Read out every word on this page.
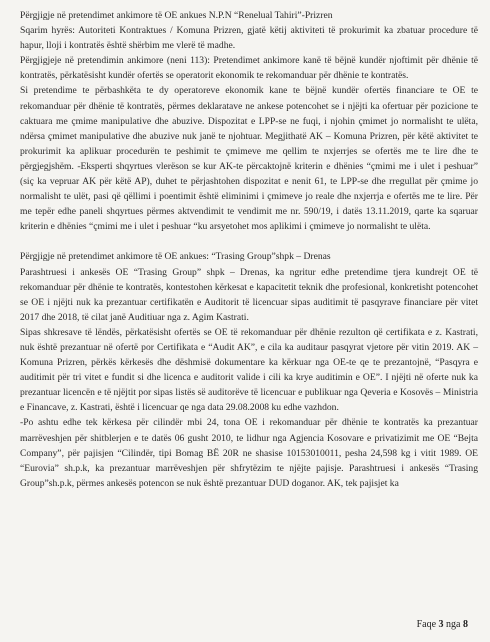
Përgjigje në pretendimet ankimore të OE ankues N.P.N “Renelual Tahiri”-Prizren

Sqarim hyrës: Autoriteti Kontraktues / Komuna Prizren, gjatë këtij aktiviteti të prokurimit ka zbatuar procedure të hapur, lloji i kontratës është shërbim me vlerë të madhe.

Përgjigjeje në pretendimin ankimore (neni 113): Pretendimet ankimore kanë të bëjnë kundër njoftimit për dhënie të kontratës, përkatësisht kundër ofertës se operatorit ekonomik te rekomanduar për dhënie te kontratës.

Si pretendime te përbashkëta te dy operatoreve ekonomik kane te bëjnë kundër ofertës financiare te OE te rekomanduar për dhënie të kontratës, përmes deklaratave ne ankese potencohet se i njëjti ka ofertuar për pozicione te caktuara me çmime manipulative dhe abuzive. Dispozitat e LPP-se ne fuqi, i njohin çmimet jo normalisht te ulëta, ndërsa çmimet manipulative dhe abuzive nuk janë te njohtuar. Megjithatë AK – Komuna Prizren, për këtë aktivitet te prokurimit ka aplikuar procedurën te peshimit te çmimeve me qellim te nxjerrjes se ofertës me te lire dhe te përgjegjshëm. -Eksperti shqyrtues vlerëson se kur AK-te përcaktojnë kriterin e dhënies “çmimi me i ulet i peshuar” (siç ka vepruar AK për këtë AP), duhet te përjashtohen dispozitat e nenit 61, te LPP-se dhe rregullat për çmime jo normalisht te ulët, pasi që qëllimi i poentimit është eliminimi i çmimeve jo reale dhe nxjerrja e ofertës me te lire. Për me tepër edhe paneli shqyrtues përmes aktvendimit te vendimit me nr. 590/19, i datës 13.11.2019, qarte ka sqaruar kriterin e dhënies “çmimi me i ulet i peshuar “ku arsyetohet mos aplikimi i çmimeve jo normalisht te ulëta.

Përgjigje në pretendimet ankimore të OE ankues: “Trasing Group”shpk – Drenas

Parashtruesi i ankesës OE “Trasing Group” shpk – Drenas, ka ngritur edhe pretendime tjera kundrejt OE të rekomanduar për dhënie te kontratës, kontestohen kërkesat e kapacitetit teknik dhe profesional, konkretisht potencohet se OE i njëjti nuk ka prezantuar certifikatën e Auditorit të licencuar sipas auditimit të pasqyrave financiare për vitet 2017 dhe 2018, të cilat janë Auditiuar nga z. Agim Kastrati.

Sipas shkresave të lëndës, përkatësisht ofertës se OE të rekomanduar për dhënie rezulton që certifikata e z. Kastrati, nuk është prezantuar në ofertë por Certifikata e “Audit AK”, e cila ka auditaur pasqyrat vjetore për vitin 2019. AK – Komuna Prizren, përkës kërkesës dhe dëshmisë dokumentare ka kërkuar nga OE-te qe te prezantojnë, “Pasqyra e auditimit për tri vitet e fundit si dhe licenca e auditorit valide i cili ka krye auditimin e OE”. I njëjti në oferte nuk ka prezantuar licencën e të njëjtit por sipas listës së auditorëve të licencuar e publikuar nga Qeveria e Kosovës – Ministria e Financave, z. Kastrati, është i licencuar qe nga data 29.08.2008 ku edhe vazhdon.

-Po ashtu edhe tek kërkesa për cilindër mbi 24, tona OE i rekomanduar për dhënie te kontratës ka prezantuar marrëveshjen për shitblerjen e te datës 06 gusht 2010, te lidhur nga Agjencia Kosovare e privatizimit me OE “Bejta Company”, për pajisjen “Cilindër, tipi Bomag BË 20R ne shasise 10153010011, pesha 24,598 kg i vitit 1989. OE “Eurovia” sh.p.k, ka prezantuar marrëveshjen për shfrytëzim te njëjte pajisje. Parashtruesi i ankesës “Trasing Group”sh.p.k, përmes ankesës potencon se nuk është prezantuar DUD doganor. AK, tek pajisjet ka

Faqe 3 nga 8
